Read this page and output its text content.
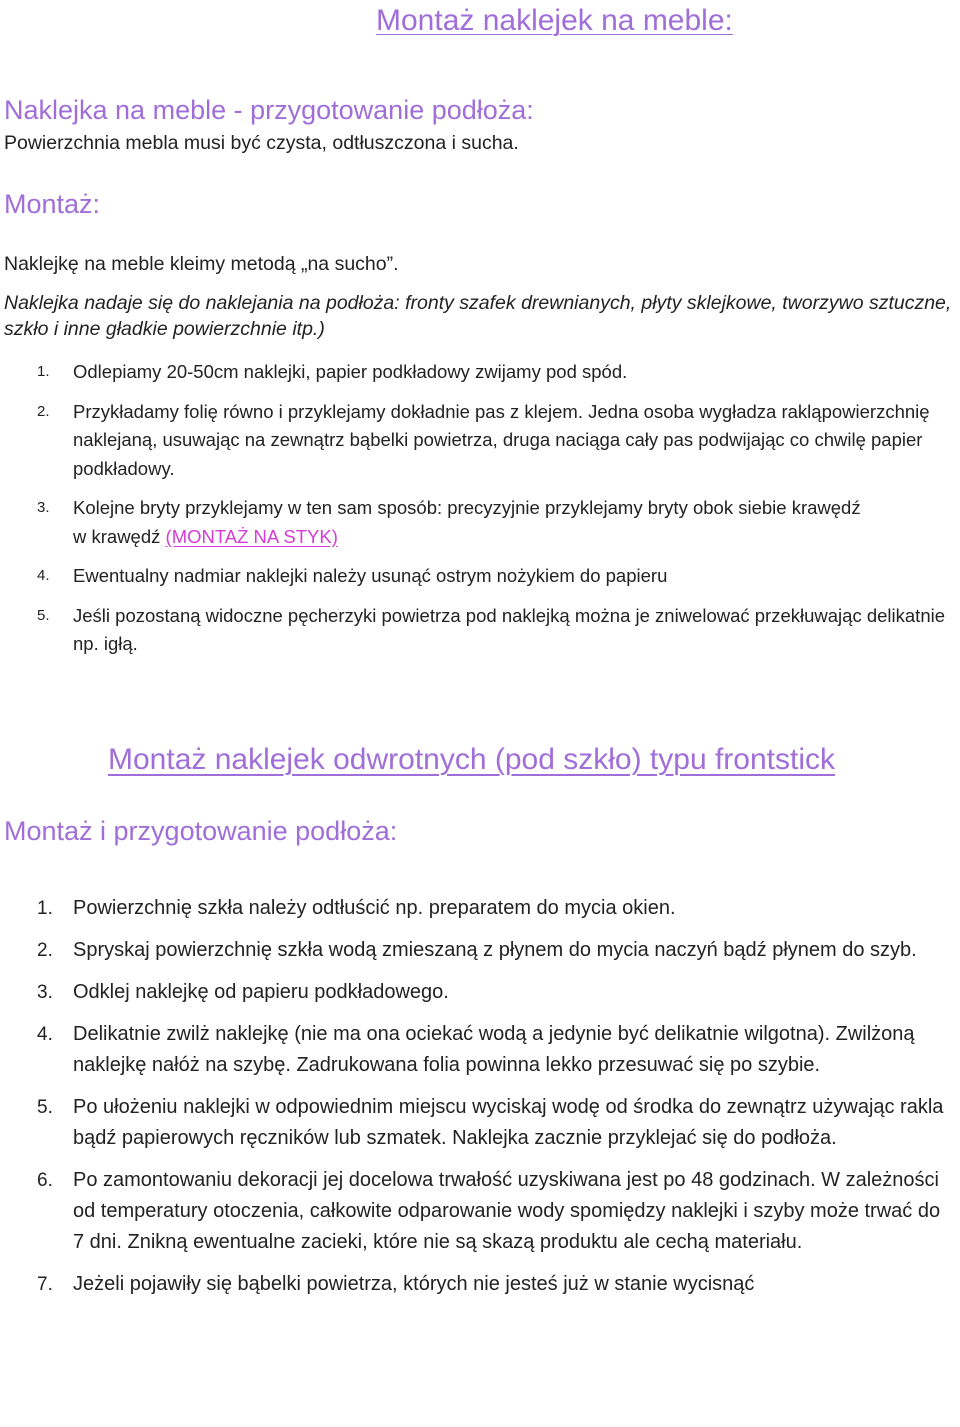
Montaż naklejek na meble:
Naklejka na meble - przygotowanie podłoża:
Powierzchnia mebla musi być czysta, odtłuszczona i sucha.
Montaż:
Naklejkę na meble kleimy metodą „na sucho”.
Naklejka nadaje się do naklejania na podłoża: fronty szafek drewnianych, płyty sklejkowe, tworzywo sztuczne, szkło i inne gładkie powierzchnie itp.)
1. Odlepiamy 20-50cm naklejki, papier podkładowy zwijamy pod spód.
2. Przykładamy folię równo i przyklejamy dokładnie pas z klejem. Jedna osoba wygładza rakląpowierzchnię naklejaną, usuwając na zewnątrz bąbelki powietrza, druga naciąga cały pas podwijając co chwilę papier podkładowy.
3. Kolejne bryty przyklejamy w ten sam sposób: precyzyjnie przyklejamy bryty obok siebie krawędź
w krawędź (MONTAŻ NA STYK)
4. Ewentualny nadmiar naklejki należy usunąć ostrym nożykiem do papieru
5. Jeśli pozostaną widoczne pęcherzyki powietrza pod naklejką można je zniwelować przekłuwając delikatnie np. igłą.
Montaż naklejek odwrotnych (pod szkło) typu frontstick
Montaż i przygotowanie podłoża:
1. Powierzchnię szkła należy odtłuścić np. preparatem do mycia okien.
2. Spryskaj powierzchnię szkła wodą zmieszaną z płynem do mycia naczyń bądź płynem do szyb.
3. Odklej naklejkę od papieru podkładowego.
4. Delikatnie zwilż naklejkę (nie ma ona ociekać wodą a jedynie być delikatnie wilgotna). Zwilżoną naklejkę nałóż na szybę. Zadrukowana folia powinna lekko przesuwać się po szybie.
5. Po ułożeniu naklejki w odpowiednim miejscu wyciskaj wodę od środka do zewnątrz używając rakla bądź papierowych ręczników lub szmatek. Naklejka zacznie przyklejać się do podłoża.
6. Po zamontowaniu dekoracji jej docelowa trwałość uzyskiwana jest po 48 godzinach. W zależności od temperatury otoczenia, całkowite odparowanie wody spomiędzy naklejki i szyby może trwać do 7 dni. Znikną ewentualne zacieki, które nie są skazą produktu ale cechą materiału.
7. Jeżeli pojawiły się bąbelki powietrza, których nie jesteś już w stanie wycisnąć
